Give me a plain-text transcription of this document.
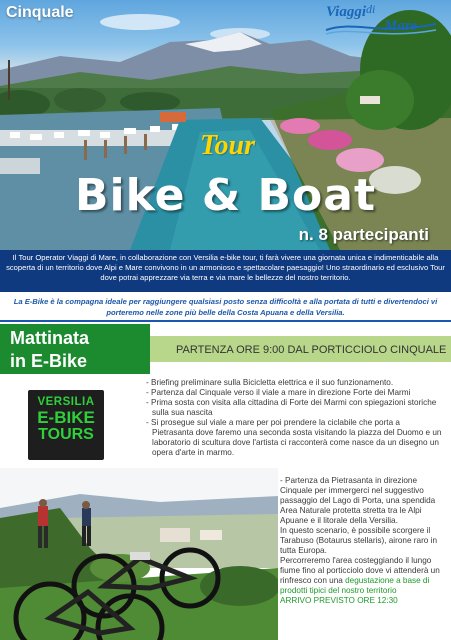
Cinquale	Viaggi di
Mare
Tour
Bike & Boat
n. 8 partecipanti
Il Tour Operator Viaggi di Mare, in collaborazione con Versilia e-bike tour, ti farà vivere una giornata unica e indimenticabile alla scoperta di un territorio dove Alpi e Mare convivono in un armonioso e spettacolare paesaggio! Uno straordinario ed esclusivo Tour dove potrai apprezzare via terra e via mare le bellezze del nostro territorio.
La E-Bike è la compagna ideale per raggiungere qualsiasi posto senza difficoltà e alla portata di tutti e divertendoci vi porteremo nelle zone più belle della Costa Apuana e della Versilia.
Mattinata
in E-Bike
PARTENZA ORE 9:00 DAL PORTICCIOLO CINQUALE
VERSILIA
E-BIKE
TOURS
- Briefing preliminare sulla Bicicletta elettrica e il suo funzionamento.
- Partenza dal Cinquale verso il viale a mare in direzione Forte dei Marmi
- Prima sosta con visita alla cittadina di Forte dei Marmi con spiegazioni storiche sulla sua nascita
- Si prosegue sul viale a mare per poi prendere la ciclabile che porta a Pietrasanta dove faremo una seconda sosta visitando la piazza del Duomo e un laboratorio di scultura dove l'artista ci racconterà come nasce da un disegno un opera d'arte in marmo.

- Partenza da Pietrasanta in direzione Cinquale per immergerci nel suggestivo passaggio del Lago di Porta, una spendida Area Naturale protetta stretta tra le Alpi Apuane e il litorale della Versilia.

In questo scenario, è possibile scorgere il Tarabuso (Botaurus stellaris), airone raro in tutta Europa.

Percorreremo l'area costeggiando il lungo fiume fino al porticciolo dove vi attenderà un rinfresco con una degustazione a base di prodotti tipici del nostro territorio

ARRIVO PREVISTO ORE 12:30
